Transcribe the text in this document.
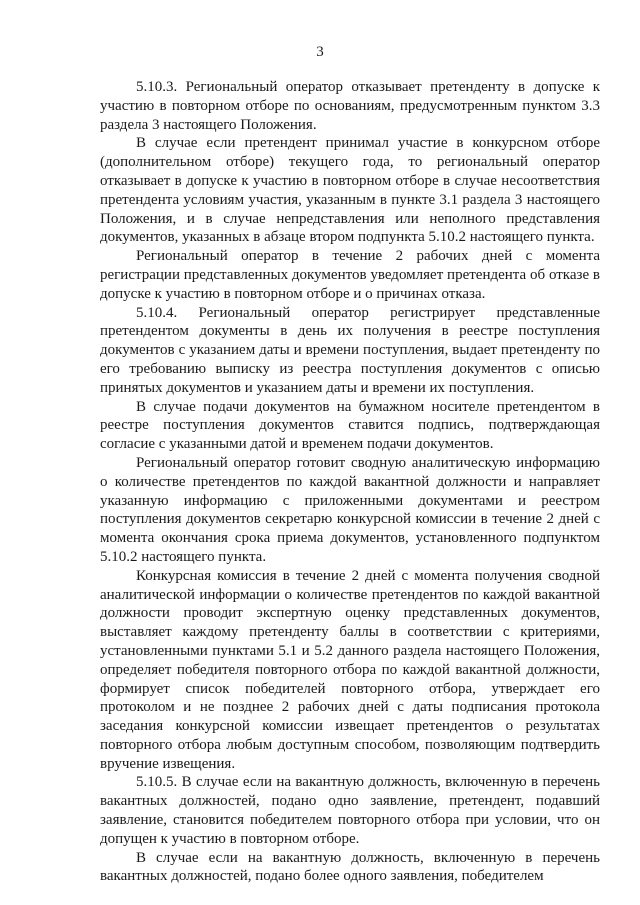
3

5.10.3. Региональный оператор отказывает претенденту в допуске к участию в повторном отборе по основаниям, предусмотренным пунктом 3.3 раздела 3 настоящего Положения.

В случае если претендент принимал участие в конкурсном отборе (дополнительном отборе) текущего года, то региональный оператор отказывает в допуске к участию в повторном отборе в случае несоответствия претендента условиям участия, указанным в пункте 3.1 раздела 3 настоящего Положения, и в случае непредставления или неполного представления документов, указанных в абзаце втором подпункта 5.10.2 настоящего пункта.

Региональный оператор в течение 2 рабочих дней с момента регистрации представленных документов уведомляет претендента об отказе в допуске к участию в повторном отборе и о причинах отказа.

5.10.4. Региональный оператор регистрирует представленные претендентом документы в день их получения в реестре поступления документов с указанием даты и времени поступления, выдает претенденту по его требованию выписку из реестра поступления документов с описью принятых документов и указанием даты и времени их поступления.

В случае подачи документов на бумажном носителе претендентом в реестре поступления документов ставится подпись, подтверждающая согласие с указанными датой и временем подачи документов.

Региональный оператор готовит сводную аналитическую информацию о количестве претендентов по каждой вакантной должности и направляет указанную информацию с приложенными документами и реестром поступления документов секретарю конкурсной комиссии в течение 2 дней с момента окончания срока приема документов, установленного подпунктом 5.10.2 настоящего пункта.

Конкурсная комиссия в течение 2 дней с момента получения сводной аналитической информации о количестве претендентов по каждой вакантной должности проводит экспертную оценку представленных документов, выставляет каждому претенденту баллы в соответствии с критериями, установленными пунктами 5.1 и 5.2 данного раздела настоящего Положения, определяет победителя повторного отбора по каждой вакантной должности, формирует список победителей повторного отбора, утверждает его протоколом и не позднее 2 рабочих дней с даты подписания протокола заседания конкурсной комиссии извещает претендентов о результатах повторного отбора любым доступным способом, позволяющим подтвердить вручение извещения.

5.10.5. В случае если на вакантную должность, включенную в перечень вакантных должностей, подано одно заявление, претендент, подавший заявление, становится победителем повторного отбора при условии, что он допущен к участию в повторном отборе.

В случае если на вакантную должность, включенную в перечень вакантных должностей, подано более одного заявления, победителем
